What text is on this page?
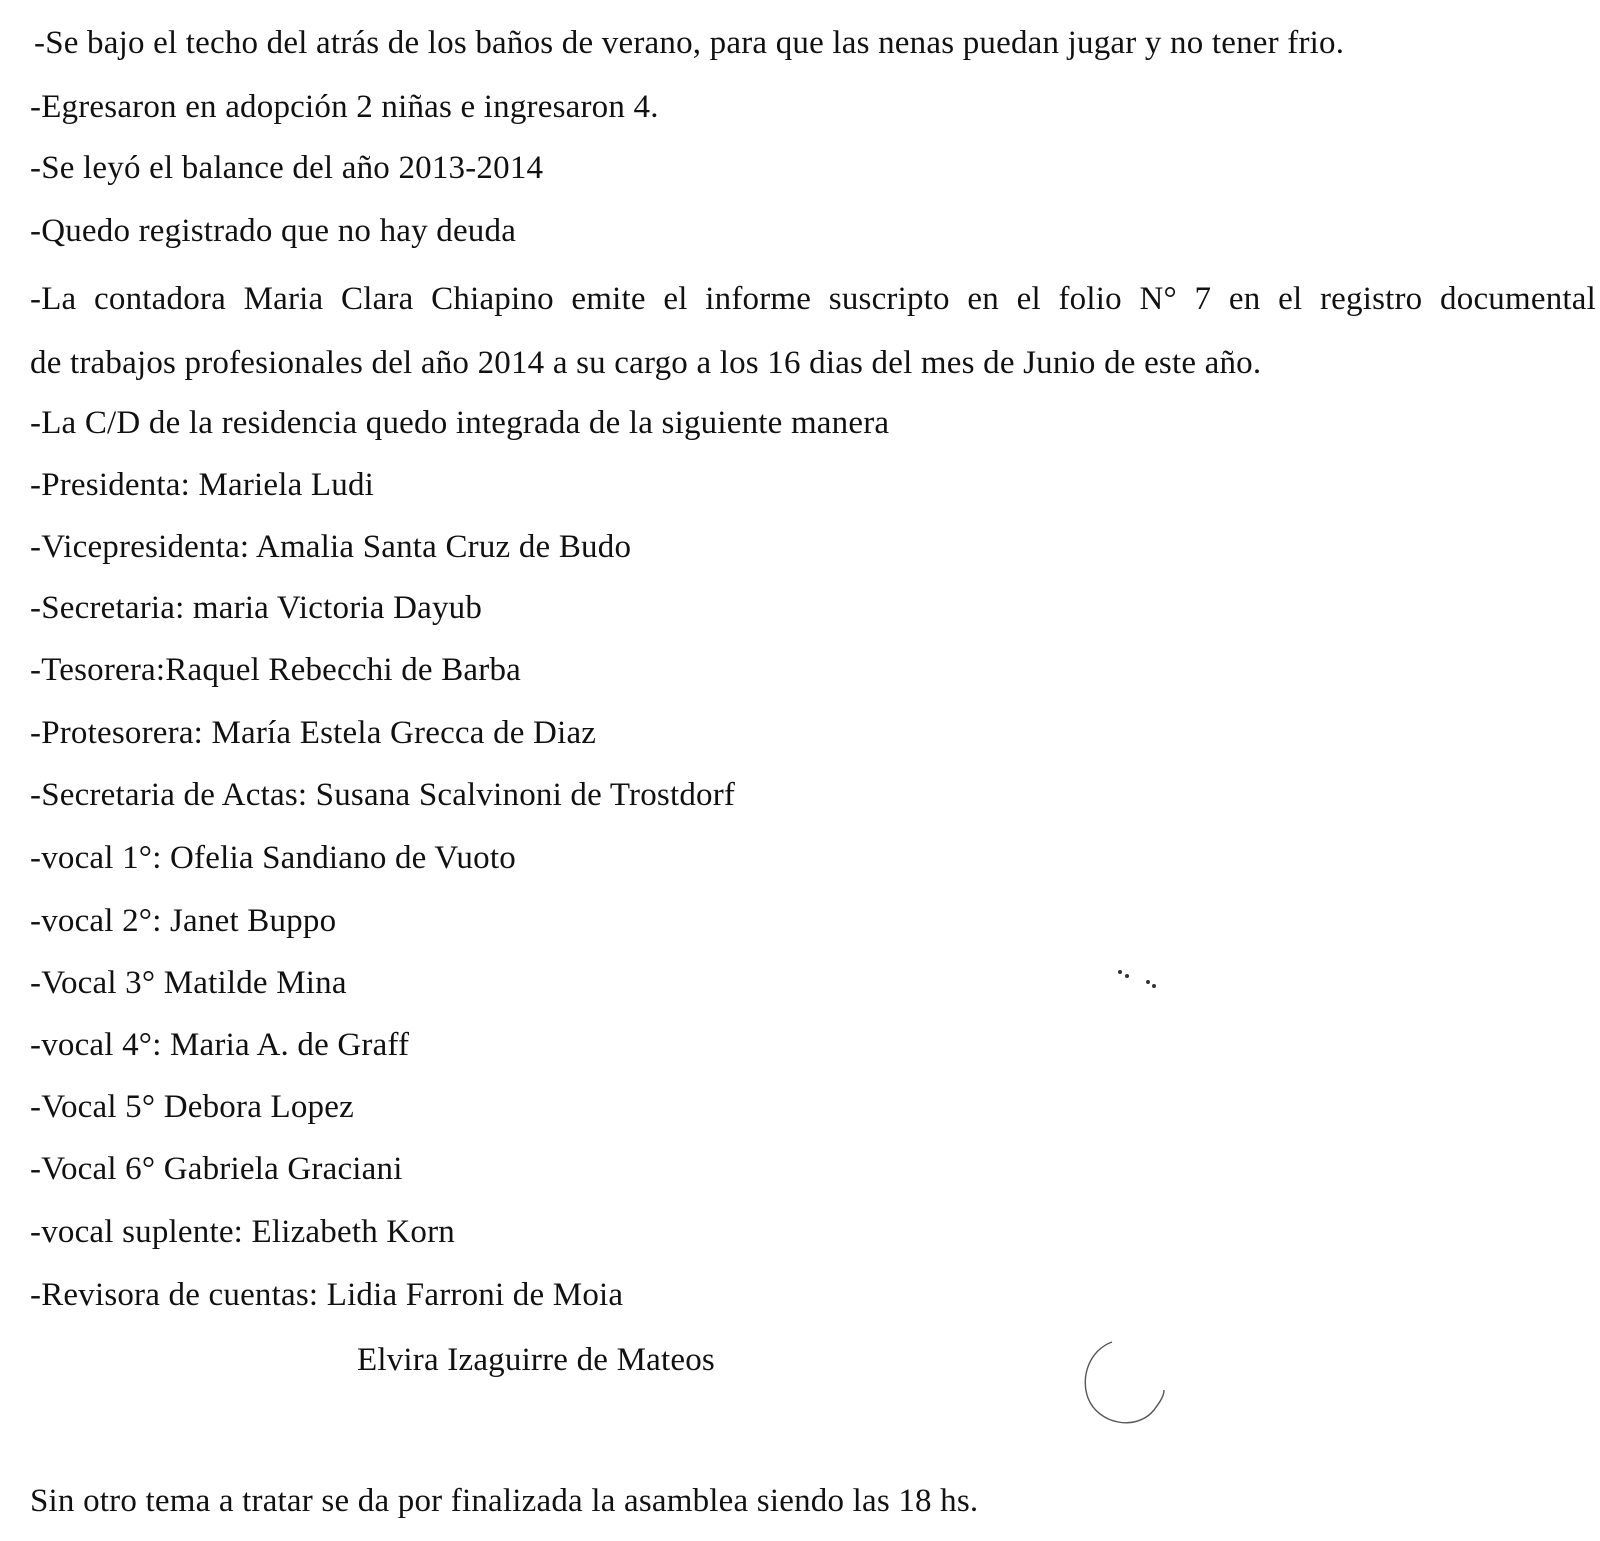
-Se bajo el techo del atrás de los baños de verano, para que las nenas puedan jugar y no tener frio.
-Egresaron en adopción 2 niñas e ingresaron 4.
-Se leyó el balance del año 2013-2014
-Quedo registrado que no hay deuda
-La contadora Maria Clara Chiapino emite el informe suscripto en el folio N° 7 en el registro documental
de trabajos profesionales del año 2014 a su cargo a los 16 dias del mes de Junio de este año.
-La C/D de la residencia quedo integrada de la siguiente manera
-Presidenta: Mariela Ludi
-Vicepresidenta: Amalia Santa Cruz de Budo
-Secretaria: maria Victoria Dayub
-Tesorera:Raquel Rebecchi de Barba
-Protesorera: María Estela Grecca de Diaz
-Secretaria de Actas: Susana Scalvinoni de Trostdorf
-vocal 1°: Ofelia Sandiano de Vuoto
-vocal 2°: Janet Buppo
-Vocal 3° Matilde Mina
-vocal 4°: Maria A. de Graff
-Vocal 5° Debora Lopez
-Vocal 6° Gabriela Graciani
-vocal suplente: Elizabeth Korn
-Revisora de cuentas: Lidia Farroni de Moia
Elvira Izaguirre de Mateos
Sin otro tema a tratar se da por finalizada la asamblea siendo las 18 hs.
